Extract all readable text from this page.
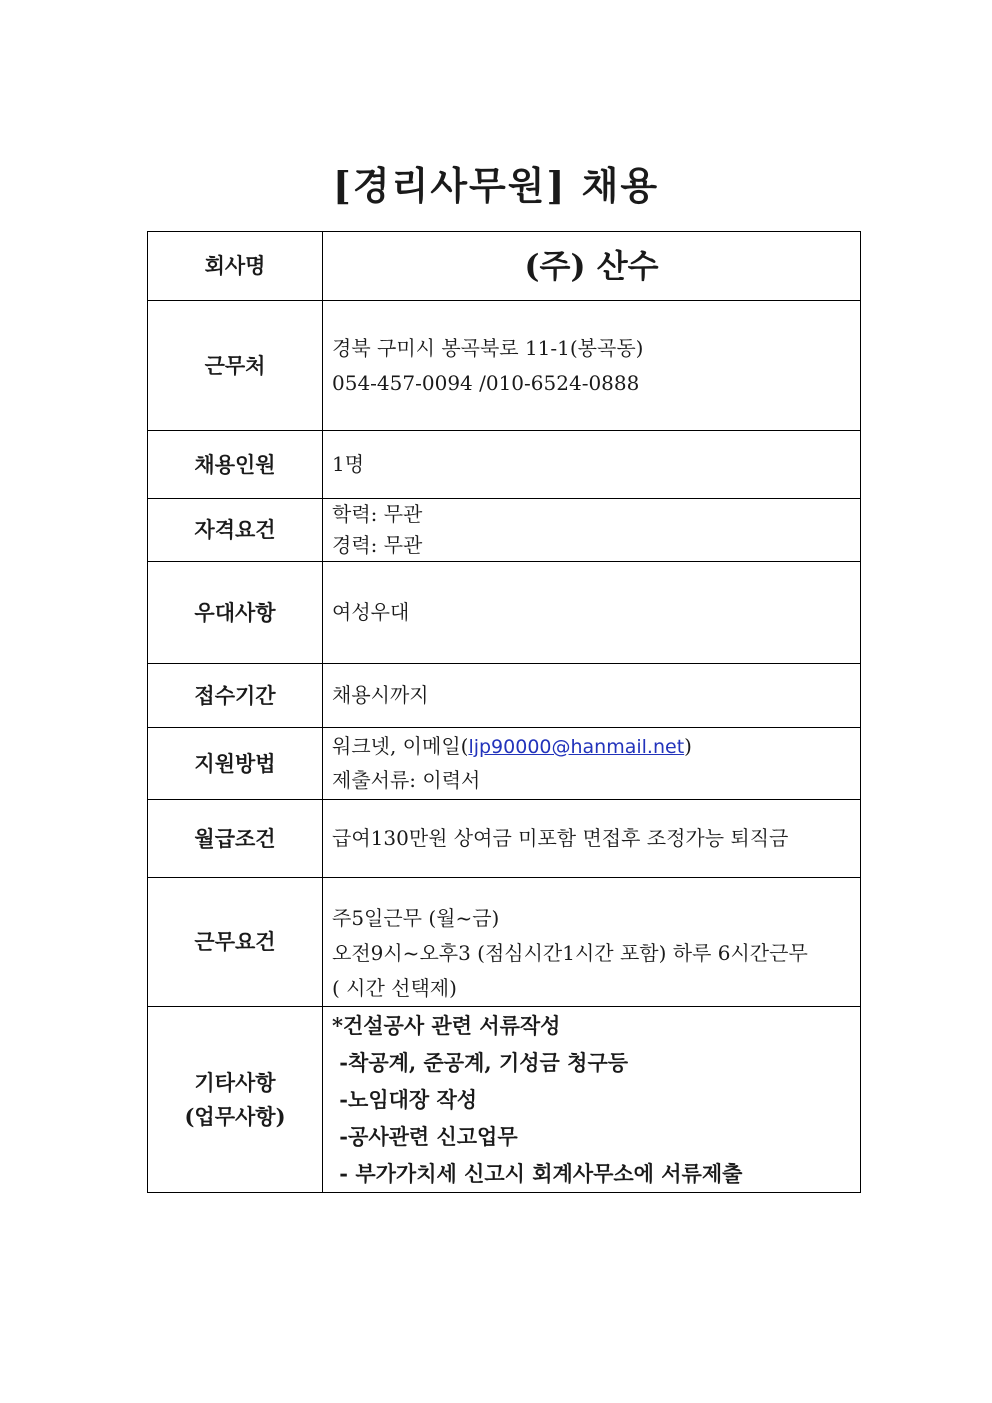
[경리사무원] 채용
회사명	(주) 산수
근무처	경북 구미시 봉곡북로 11-1(봉곡동)
054-457-0094 /010-6524-0888

채용인원	1명
자격요건	학력: 무관
경력: 무관

우대사항	여성우대
접수기간	채용시까지
지원방법	워크넷, 이메일(ljp90000@hanmail.net)
제출서류: 이력서

월급조건	급여130만원 상여금 미포함 면접후 조정가능 퇴직금
근무요건	주5일근무 (월~금)
오전9시~오후3 (점심시간1시간 포함) 하루 6시간근무
( 시간 선택제)

기타사항
(업무사항)	*건설공사 관련 서류작성
-착공계, 준공계, 기성금 청구등
-노임대장 작성
-공사관련 신고업무
- 부가가치세 신고시 회계사무소에 서류제출
